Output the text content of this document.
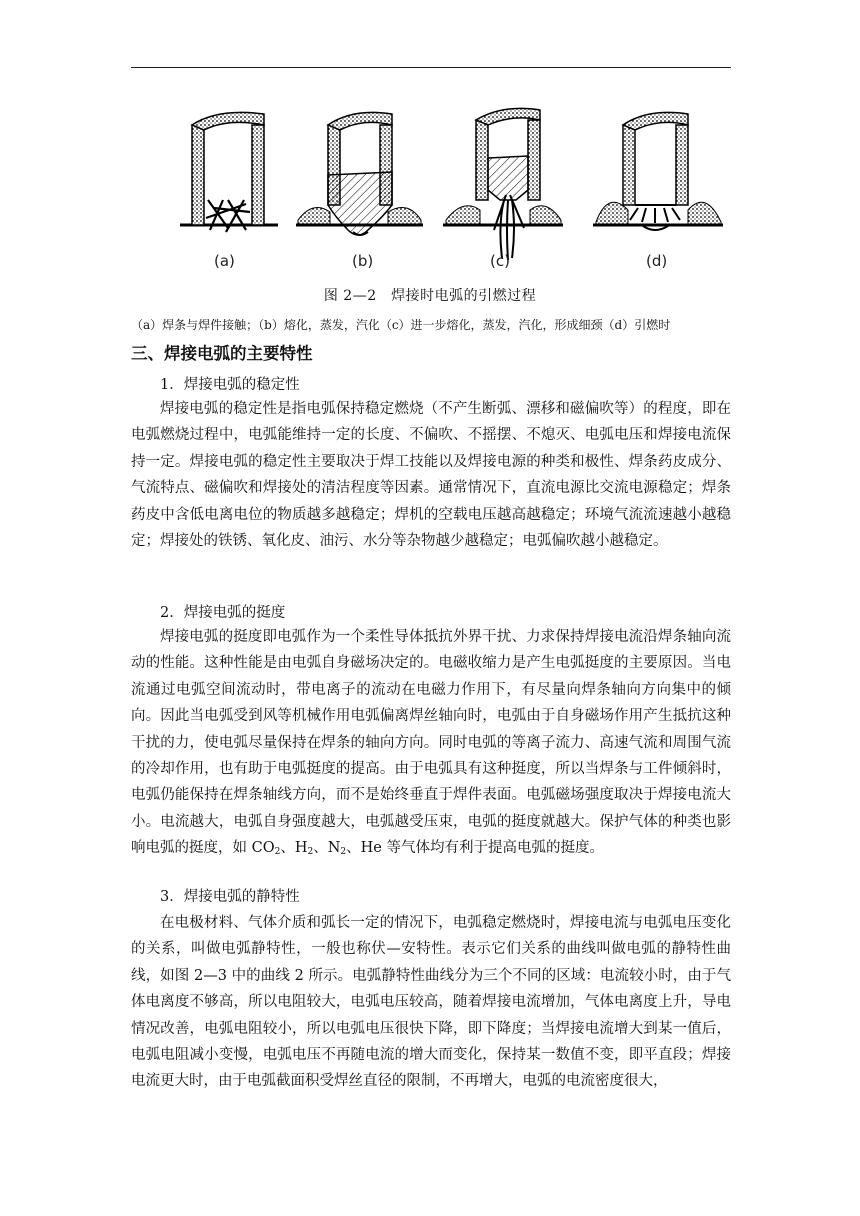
(a)	(b)	(c)	(d)
图 2—2　焊接时电弧的引燃过程
（a）焊条与焊件接触；（b）熔化，蒸发，汽化（c）进一步熔化，蒸发，汽化，形成细颈（d）引燃时
三、焊接电弧的主要特性
1．焊接电弧的稳定性

焊接电弧的稳定性是指电弧保持稳定燃烧（不产生断弧、漂移和磁偏吹等）的程度，即在电弧燃烧过程中，电弧能维持一定的长度、不偏吹、不摇摆、不熄灭、电弧电压和焊接电流保持一定。焊接电弧的稳定性主要取决于焊工技能以及焊接电源的种类和极性、焊条药皮成分、气流特点、磁偏吹和焊接处的清洁程度等因素。通常情况下，直流电源比交流电源稳定；焊条药皮中含低电离电位的物质越多越稳定；焊机的空载电压越高越稳定；环境气流流速越小越稳定；焊接处的铁锈、氧化皮、油污、水分等杂物越少越稳定；电弧偏吹越小越稳定。

2．焊接电弧的挺度

焊接电弧的挺度即电弧作为一个柔性导体抵抗外界干扰、力求保持焊接电流沿焊条轴向流动的性能。这种性能是由电弧自身磁场决定的。电磁收缩力是产生电弧挺度的主要原因。当电流通过电弧空间流动时，带电离子的流动在电磁力作用下，有尽量向焊条轴向方向集中的倾向。因此当电弧受到风等机械作用电弧偏离焊丝轴向时，电弧由于自身磁场作用产生抵抗这种干扰的力，使电弧尽量保持在焊条的轴向方向。同时电弧的等离子流力、高速气流和周围气流的冷却作用，也有助于电弧挺度的提高。由于电弧具有这种挺度，所以当焊条与工件倾斜时，电弧仍能保持在焊条轴线方向，而不是始终垂直于焊件表面。电弧磁场强度取决于焊接电流大小。电流越大，电弧自身强度越大，电弧越受压束，电弧的挺度就越大。保护气体的种类也影响电弧的挺度，如 $CO_2$、$H_2$、$N_2$、He 等气体均有利于提高电弧的挺度。

3．焊接电弧的静特性

在电极材料、气体介质和弧长一定的情况下，电弧稳定燃烧时，焊接电流与电弧电压变化的关系，叫做电弧静特性，一般也称伏—安特性。表示它们关系的曲线叫做电弧的静特性曲线，如图 2—3 中的曲线 2 所示。电弧静特性曲线分为三个不同的区域：电流较小时，由于气体电离度不够高，所以电阻较大，电弧电压较高，随着焊接电流增加，气体电离度上升，导电情况改善，电弧电阻较小，所以电弧电压很快下降，即下降度；当焊接电流增大到某一值后，电弧电阻减小变慢，电弧电压不再随电流的增大而变化，保持某一数值不变，即平直段；焊接电流更大时，由于电弧截面积受焊丝直径的限制，不再增大，电弧的电流密度很大，
